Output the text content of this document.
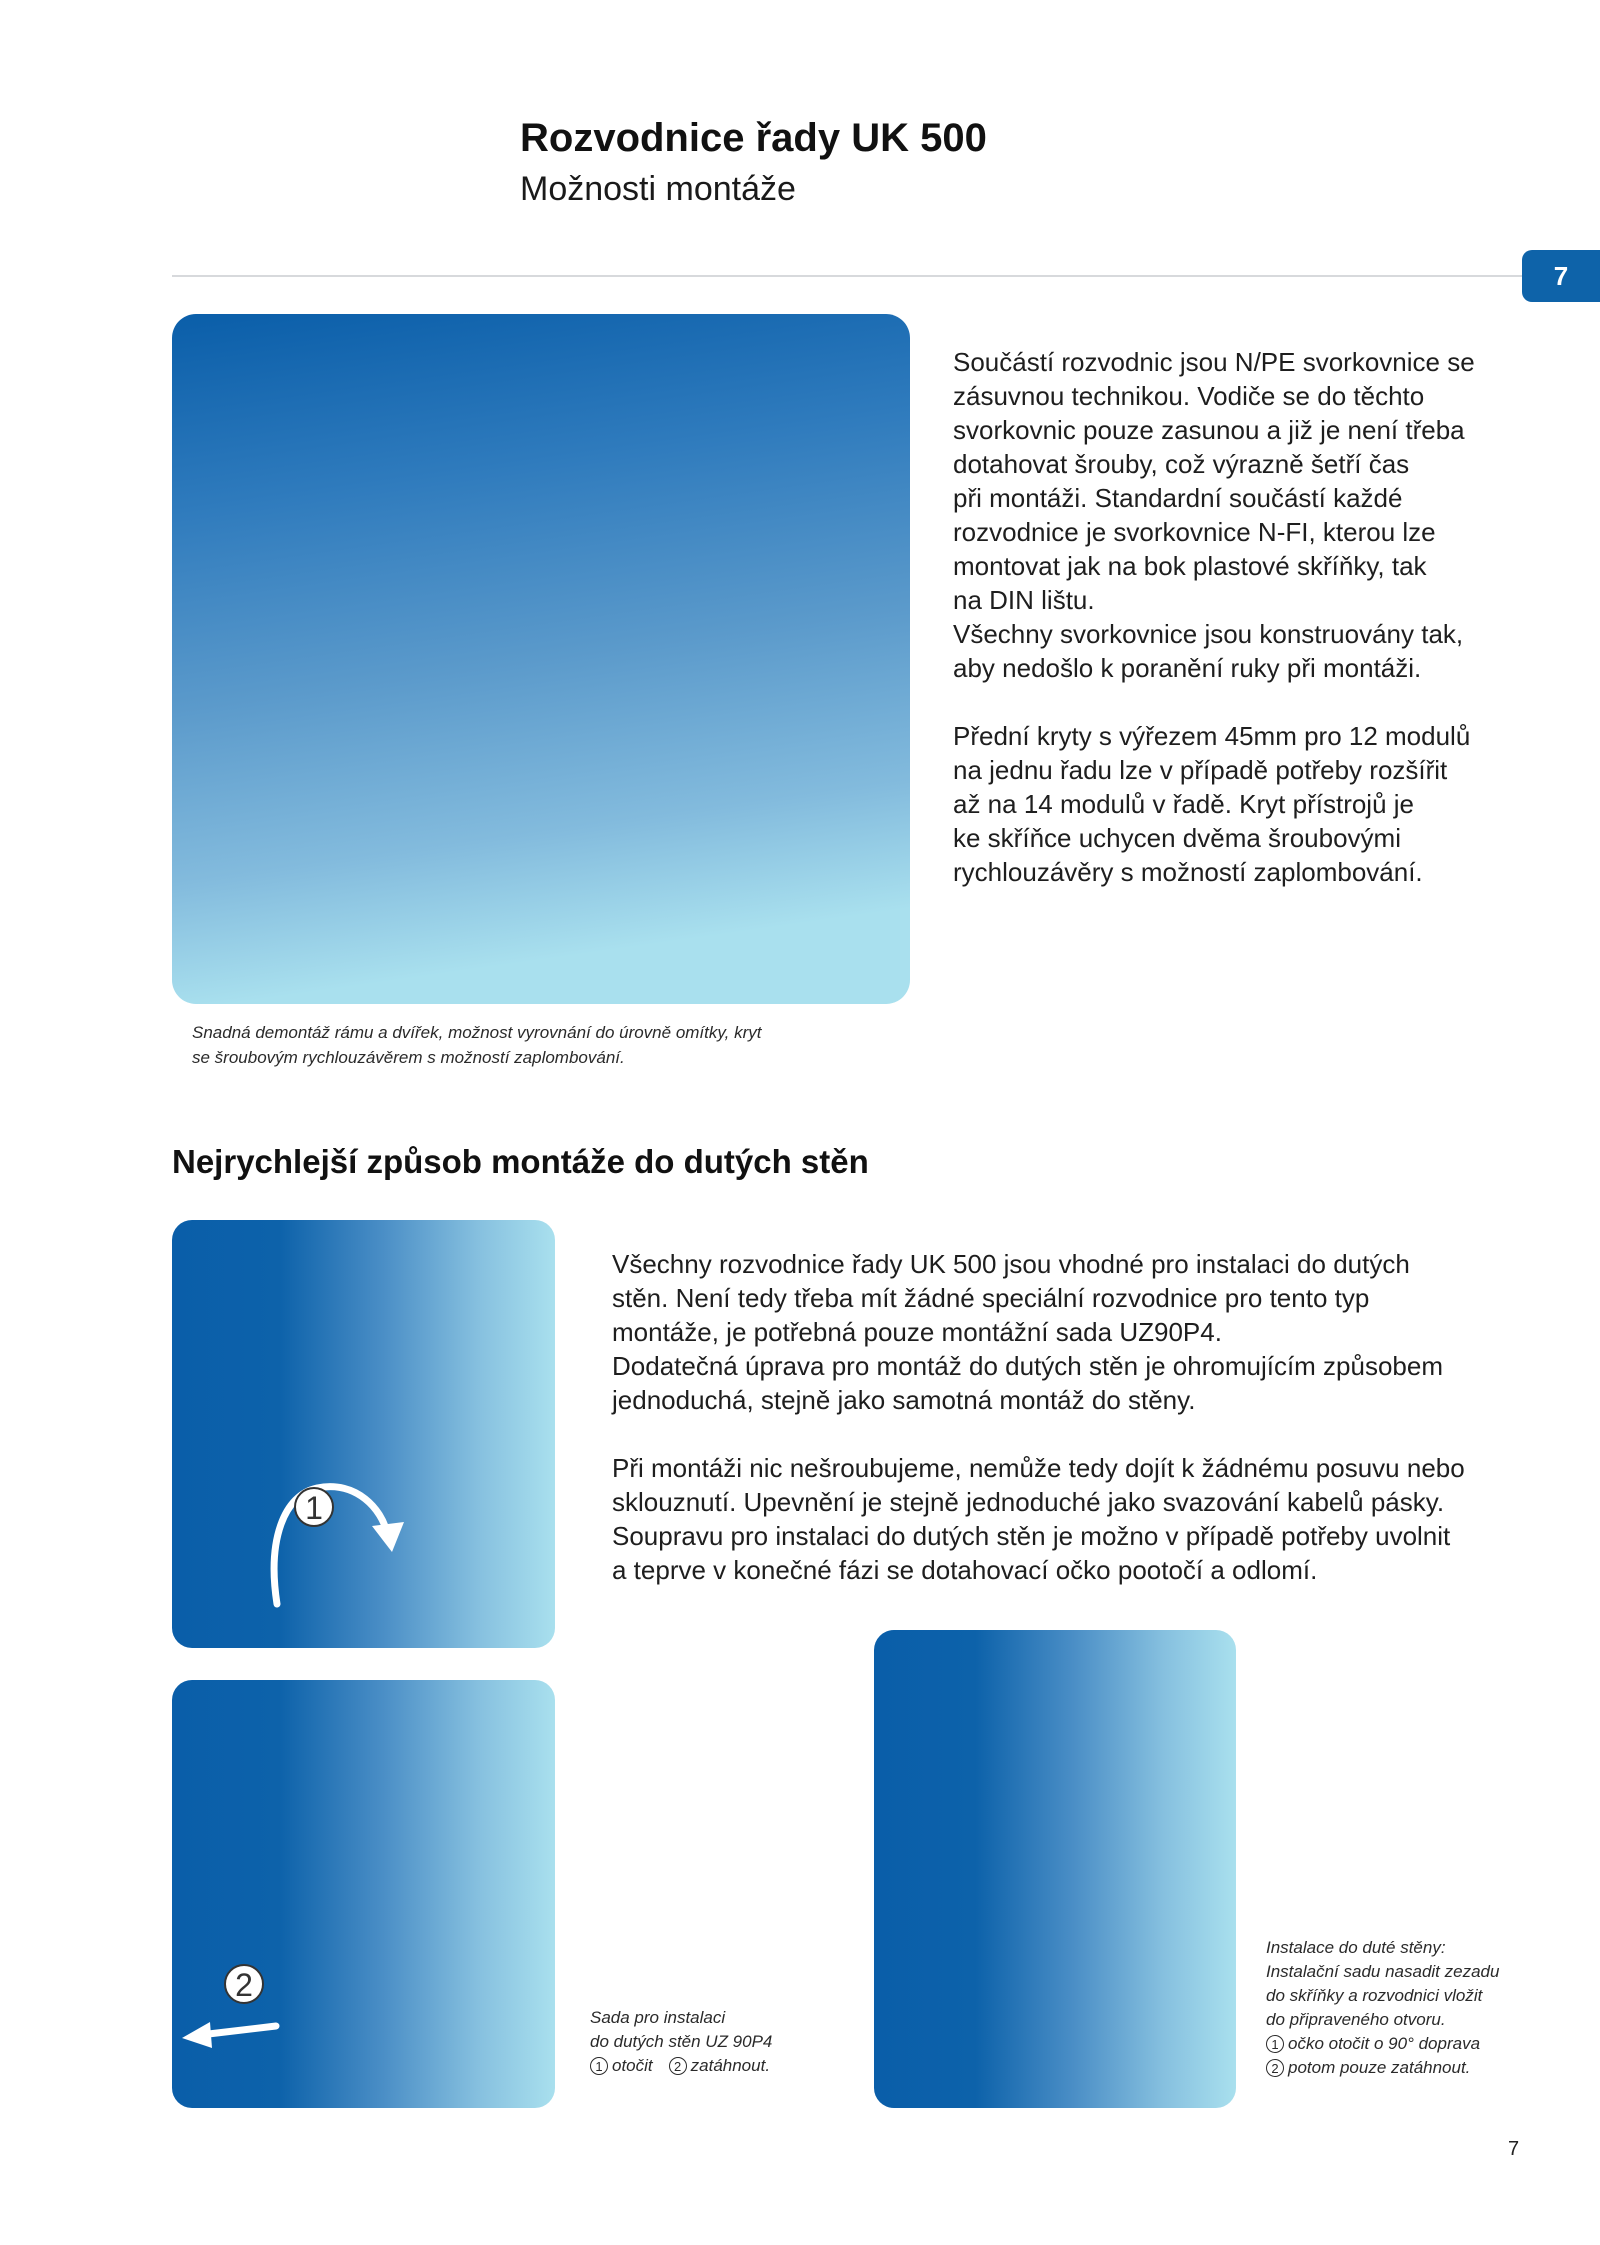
Rozvodnice řady UK 500
Možnosti montáže
7
Snadná demontáž rámu a dvířek, možnost vyrovnání do úrovně omítky, kryt
se šroubovým rychlouzávěrem s možností zaplombování.

Součástí rozvodnic jsou N/PE svorkovnice se
zásuvnou technikou. Vodiče se do těchto
svorkovnic pouze zasunou a již je není třeba
dotahovat šrouby, což výrazně šetří čas
při montáži. Standardní součástí každé
rozvodnice je svorkovnice N-FI, kterou lze
montovat jak na bok plastové skříňky, tak
na DIN lištu.
Všechny svorkovnice jsou konstruovány tak,
aby nedošlo k poranění ruky při montáži.

Přední kryty s výřezem 45mm pro 12 modulů
na jednu řadu lze v případě potřeby rozšířit
až na 14 modulů v řadě. Kryt přístrojů je
ke skříňce uchycen dvěma šroubovými
rychlouzávěry s možností zaplombování.

Nejrychlejší způsob montáže do dutých stěn

Všechny rozvodnice řady UK 500 jsou vhodné pro instalaci do dutých
stěn. Není tedy třeba mít žádné speciální rozvodnice pro tento typ
montáže, je potřebná pouze montážní sada UZ90P4.
Dodatečná úprava pro montáž do dutých stěn je ohromujícím způsobem
jednoduchá, stejně jako samotná montáž do stěny.

Při montáži nic nešroubujeme, nemůže tedy dojít k žádnému posuvu nebo
sklouznutí. Upevnění je stejně jednoduché jako svazování kabelů pásky.
Soupravu pro instalaci do dutých stěn je možno v případě potřeby uvolnit
a teprve v konečné fázi se dotahovací očko pootočí a odlomí.

1
2
Sada pro instalaci
do dutých stěn UZ 90P4
1 otočit	2 zatáhnout.
Instalace do duté stěny:
Instalační sadu nasadit zezadu
do skříňky a rozvodnici vložit
do připraveného otvoru.
1 očko otočit o 90° doprava
2 potom pouze zatáhnout.
7
